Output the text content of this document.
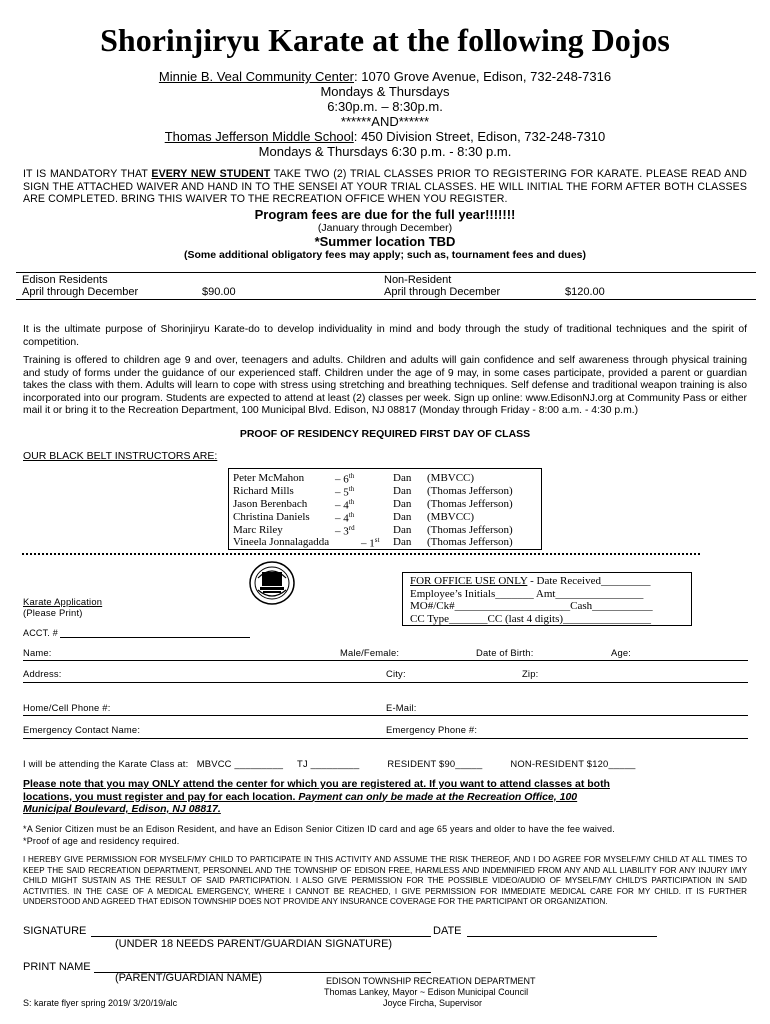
Shorinjiryu Karate at the following Dojos
Minnie B. Veal Community Center: 1070 Grove Avenue, Edison, 732-248-7316
Mondays & Thursdays
6:30p.m. – 8:30p.m.
******AND******
Thomas Jefferson Middle School: 450 Division Street, Edison, 732-248-7310
Mondays & Thursdays 6:30 p.m. - 8:30 p.m.
IT IS MANDATORY THAT EVERY NEW STUDENT TAKE TWO (2) TRIAL CLASSES PRIOR TO REGISTERING FOR KARATE. PLEASE READ AND SIGN THE ATTACHED WAIVER AND HAND IN TO THE SENSEI AT YOUR TRIAL CLASSES. HE WILL INITIAL THE FORM AFTER BOTH CLASSES ARE COMPLETED. BRING THIS WAIVER TO THE RECREATION OFFICE WHEN YOU REGISTER.
Program fees are due for the full year!!!!!!!
(January through December)
*Summer location TBD
(Some additional obligatory fees may apply; such as, tournament fees and dues)
Edison Residents
April through December	$90.00
Non-Resident
April through December	$120.00
It is the ultimate purpose of Shorinjiryu Karate-do to develop individuality in mind and body through the study of traditional techniques and the spirit of competition.
Training is offered to children age 9 and over, teenagers and adults. Children and adults will gain confidence and self awareness through physical training and study of forms under the guidance of our experienced staff. Children under the age of 9 may, in some cases participate, provided a parent or guardian takes the class with them. Adults will learn to cope with stress using stretching and breathing techniques. Self defense and traditional weapon training is also incorporated into our program. Students are expected to attend at least (2) classes per week. Sign up online: www.EdisonNJ.org at Community Pass or either mail it or bring it to the Recreation Department, 100 Municipal Blvd. Edison, NJ 08817 (Monday through Friday - 8:00 a.m. - 4:30 p.m.)
PROOF OF RESIDENCY REQUIRED FIRST DAY OF CLASS
OUR BLACK BELT INSTRUCTORS ARE:
Peter McMahon	– 6th	Dan (MBVCC)
Richard Mills	– 5th	Dan (Thomas Jefferson)
Jason Berenbach	– 4th	Dan (Thomas Jefferson)
Christina Daniels – 4th	Dan (MBVCC)
Marc Riley	– 3rd	Dan (Thomas Jefferson)
Vineela Jonnalagadda	– 1st Dan (Thomas Jefferson)
FOR OFFICE USE ONLY - Date Received_________
Employee’s Initials_______ Amt________________
MO#/Ck#_____________________Cash___________
CC Type_______CC (last 4 digits)________________
Karate Application
(Please Print)
ACCT. #
Name:	Male/Female:	Date of Birth:	Age:
Address:	City:	Zip:
Home/Cell Phone #:	E-Mail:
Emergency Contact Name:	Emergency Phone #:
I will be attending the Karate Class at:   MBVCC _________     TJ _________          RESIDENT $90_____          NON-RESIDENT $120_____
Please note that you may ONLY attend the center for which you are registered at. If you want to attend classes at both
locations, you must register and pay for each location. Payment can only be made at the Recreation Office, 100
Municipal Boulevard, Edison, NJ 08817.
*A Senior Citizen must be an Edison Resident, and have an Edison Senior Citizen ID card and age 65 years and older to have the fee waived.
*Proof of age and residency required.
I HEREBY GIVE PERMISSION FOR MYSELF/MY CHILD TO PARTICIPATE IN THIS ACTIVITY AND ASSUME THE RISK THEREOF, AND I DO AGREE FOR MYSELF/MY CHILD AT ALL TIMES TO KEEP THE SAID RECREATION DEPARTMENT, PERSONNEL AND THE TOWNSHIP OF EDISON FREE, HARMLESS AND INDEMNIFIED FROM ANY AND ALL LIABILITY FOR ANY INJURY I/MY CHILD MIGHT SUSTAIN AS THE RESULT OF SAID PARTICIPATION. I ALSO GIVE PERMISSION FOR THE POSSIBLE VIDEO/AUDIO OF MYSELF/MY CHILD'S PARTICIPATION IN SAID ACTIVITIES. IN THE CASE OF A MEDICAL EMERGENCY, WHERE I CANNOT BE REACHED, I GIVE PERMISSION FOR IMMEDIATE MEDICAL CARE FOR MY CHILD. IT IS FURTHER UNDERSTOOD AND AGREED THAT EDISON TOWNSHIP DOES NOT PROVIDE ANY INSURANCE COVERAGE FOR THE PARTICIPANT OR ORGANIZATION.
SIGNATURE	DATE
(UNDER 18 NEEDS PARENT/GUARDIAN SIGNATURE)
PRINT NAME
(PARENT/GUARDIAN NAME)	EDISON TOWNSHIP RECREATION DEPARTMENT
Thomas Lankey, Mayor ~ Edison Municipal Council
Joyce Fircha, Supervisor
S: karate flyer spring 2019/ 3/20/19/alc
